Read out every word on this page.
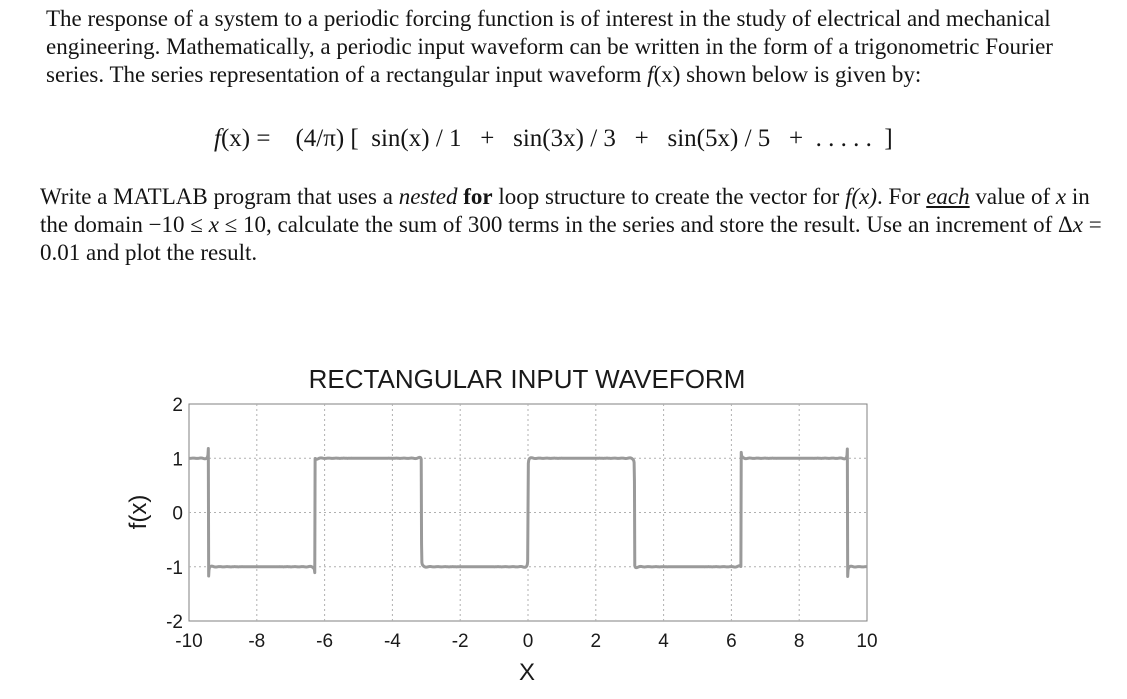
The response of a system to a periodic forcing function is of interest in the study of electrical and mechanical engineering. Mathematically, a periodic input waveform can be written in the form of a trigonometric Fourier series. The series representation of a rectangular input waveform f(x) shown below is given by:
f(x) =    (4/π) [  sin(x) / 1   +   sin(3x) / 3   +   sin(5x) / 5   +  . . . . .  ]
Write a MATLAB program that uses a nested for loop structure to create the vector for f(x). For each value of x in the domain −10 ≤ x ≤ 10, calculate the sum of 300 terms in the series and store the result. Use an increment of Δx = 0.01 and plot the result.
-10 -8	-6	-4	-2	0	2	4	6	8	10
2
1
0
-1
-2
RECTANGULAR INPUT WAVEFORM
X
f(x)
